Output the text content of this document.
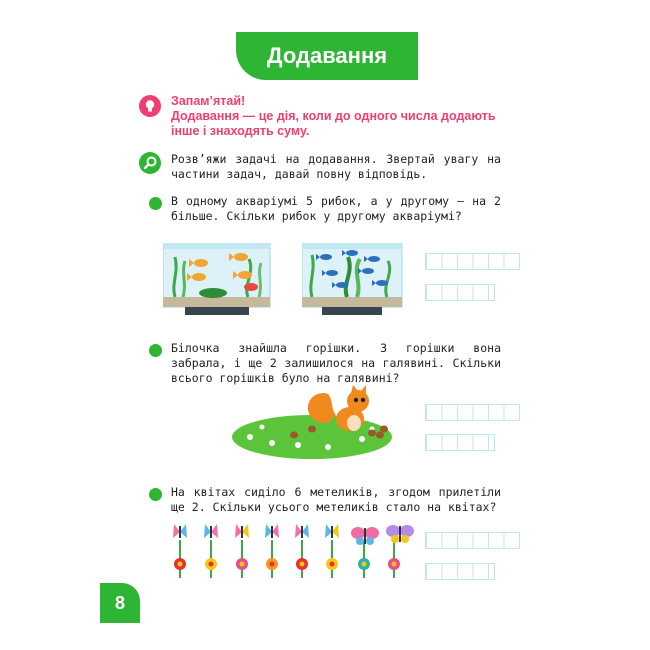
Додавання
Запам’ятай!
Додавання — це дія, коли до одного числа додають інше і знаходять суму.
Розв’яжи задачі на додавання. Звертай увагу на частини задач, давай повну відповідь.
В одному акваріумі 5 рибок, а у другому — на 2 більше. Скільки рибок у другому акваріумі?
Білочка знайшла горішки. 3 горішки вона забрала, і ще 2 залишилося на галявині. Скільки всього горішків було на галявині?
На квітах сиділо 6 метеликів, згодом прилетіли ще 2. Скільки усього метеликів стало на квітах?
8
